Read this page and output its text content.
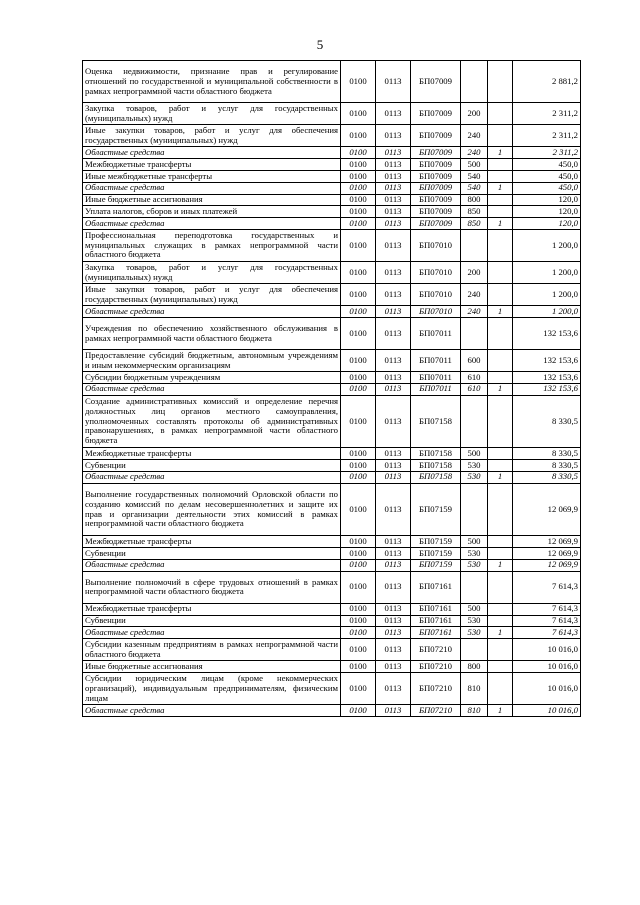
5
Оценка недвижимости, признание прав и регулирование отношений по государственной и муниципальной собственности в рамках непрограммной части областного бюджета	0100	0113	БП07009			2 881,2
Закупка товаров, работ и услуг для государственных (муниципальных) нужд	0100	0113	БП07009	200		2 311,2
Иные закупки товаров, работ и услуг для обеспечения государственных (муниципальных) нужд	0100	0113	БП07009	240		2 311,2
Областные средства	0100	0113	БП07009	240	1	2 311,2
Межбюджетные трансферты	0100	0113	БП07009	500		450,0
Иные межбюджетные трансферты	0100	0113	БП07009	540		450,0
Областные средства	0100	0113	БП07009	540	1	450,0
Иные бюджетные ассигнования	0100	0113	БП07009	800		120,0
Уплата налогов, сборов и иных платежей	0100	0113	БП07009	850		120,0
Областные средства	0100	0113	БП07009	850	1	120,0
Профессиональная переподготовка государственных и муниципальных служащих в рамках непрограммной части областного бюджета	0100	0113	БП07010			1 200,0
Закупка товаров, работ и услуг для государственных (муниципальных) нужд	0100	0113	БП07010	200		1 200,0
Иные закупки товаров, работ и услуг для обеспечения государственных (муниципальных) нужд	0100	0113	БП07010	240		1 200,0
Областные средства	0100	0113	БП07010	240	1	1 200,0
Учреждения по обеспечению хозяйственного обслуживания в рамках непрограммной части областного бюджета	0100	0113	БП07011			132 153,6
Предоставление субсидий бюджетным, автономным учреждениям и иным некоммерческим организациям	0100	0113	БП07011	600		132 153,6
Субсидии бюджетным учреждениям	0100	0113	БП07011	610		132 153,6
Областные средства	0100	0113	БП07011	610	1	132 153,6
Создание административных комиссий и определение перечня должностных лиц органов местного самоуправления, уполномоченных составлять протоколы об административных правонарушениях, в рамках непрограммной части областного бюджета	0100	0113	БП07158			8 330,5
Межбюджетные трансферты	0100	0113	БП07158	500		8 330,5
Субвенции	0100	0113	БП07158	530		8 330,5
Областные средства	0100	0113	БП07158	530	1	8 330,5
Выполнение государственных полномочий Орловской области по созданию комиссий по делам несовершеннолетних и защите их прав и организации деятельности этих комиссий в рамках непрограммной части областного бюджета	0100	0113	БП07159			12 069,9
Межбюджетные трансферты	0100	0113	БП07159	500		12 069,9
Субвенции	0100	0113	БП07159	530		12 069,9
Областные средства	0100	0113	БП07159	530	1	12 069,9
Выполнение полномочий в сфере трудовых отношений в рамках непрограммной части областного бюджета	0100	0113	БП07161			7 614,3
Межбюджетные трансферты	0100	0113	БП07161	500		7 614,3
Субвенции	0100	0113	БП07161	530		7 614,3
Областные средства	0100	0113	БП07161	530	1	7 614,3
Субсидии казенным предприятиям в рамках непрограммной части областного бюджета	0100	0113	БП07210			10 016,0
Иные бюджетные ассигнования	0100	0113	БП07210	800		10 016,0
Субсидии юридическим лицам (кроме некоммерческих организаций), индивидуальным предпринимателям, физическим лицам	0100	0113	БП07210	810		10 016,0
Областные средства	0100	0113	БП07210	810	1	10 016,0
